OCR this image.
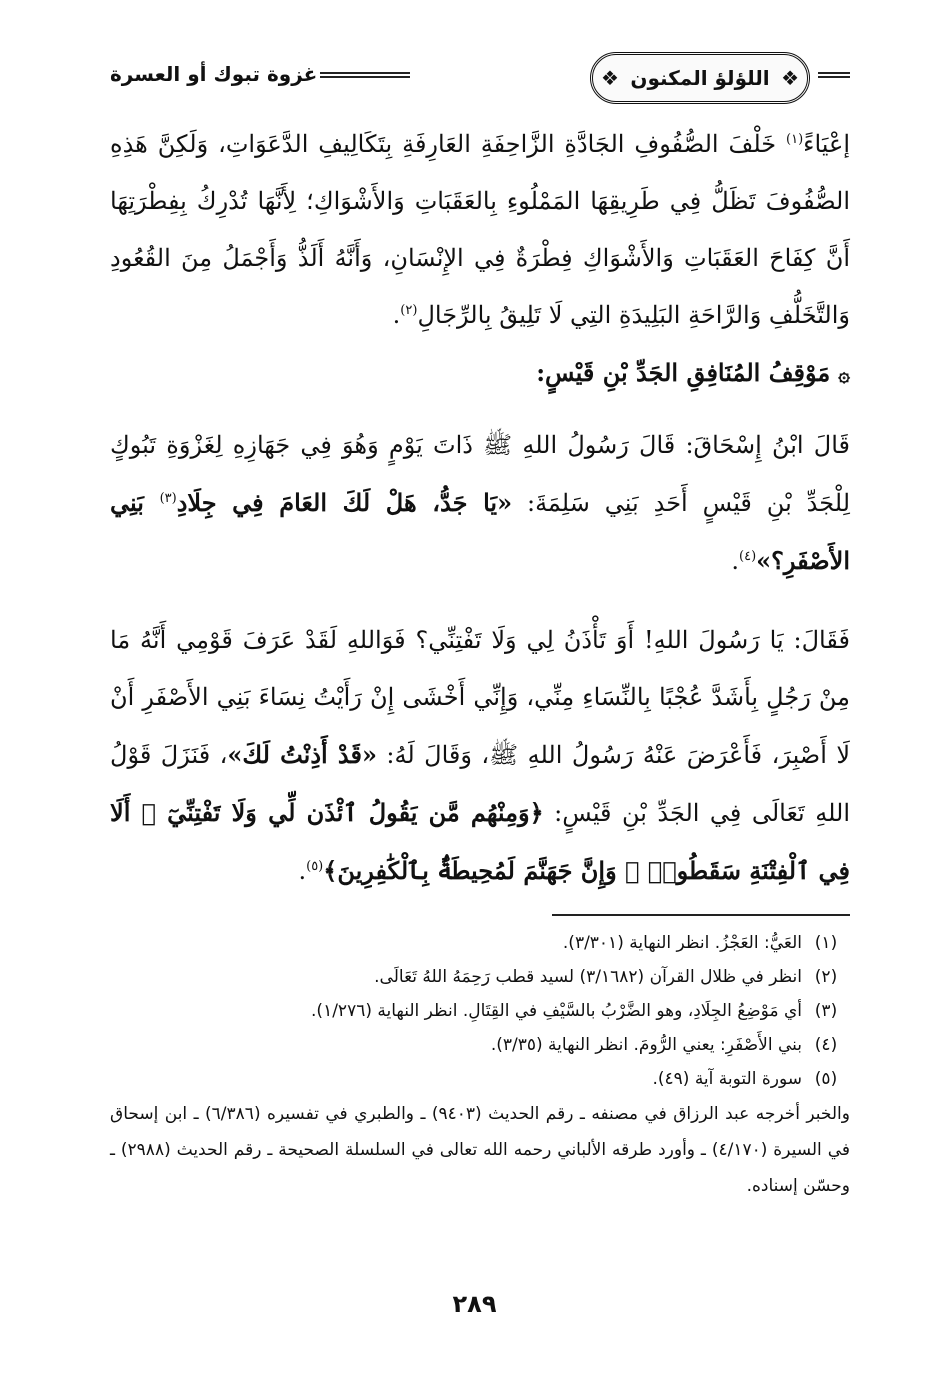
❖
اللؤلؤ المكنون
❖
غزوة تبوك أو العسرة

إعْيَاءً$^{(١)}$ خَلْفَ الصُّفُوفِ الجَادَّةِ الزَّاحِفَةِ العَارِفَةِ بِتَكَالِيفِ الدَّعَوَاتِ، وَلَكِنَّ هَذِهِ الصُّفُوفَ تَظَلُّ فِي طَرِيقِهَا المَمْلُوءِ بِالعَقَبَاتِ وَالأَشْوَاكِ؛ لِأَنَّهَا تُدْرِكُ بِفِطْرَتِهَا أَنَّ كِفَاحَ العَقَبَاتِ وَالأَشْوَاكِ فِطْرَةٌ فِي الإِنْسَانِ، وَأَنَّهُ أَلَذُّ وَأَجْمَلُ مِنَ القُعُودِ وَالتَّخَلُّفِ وَالرَّاحَةِ البَلِيدَةِ التِي لَا تَلِيقُ بِالرِّجَالِ$^{(٢)}$.

۞مَوْقِفُ المُنَافِقِ الجَدِّ بْنِ قَيْسٍ:

قَالَ ابْنُ إِسْحَاقَ: قَالَ رَسُولُ اللهِ ﷺ ذَاتَ يَوْمٍ وَهُوَ فِي جَهَازِهِ لِغَزْوَةِ تَبُوكٍ لِلْجَدِّ بْنِ قَيْسٍ أَحَدِ بَنِي سَلِمَةَ: «يَا جَدُّ، هَلْ لَكَ العَامَ فِي جِلَادِ$^{(٣)}$ بَنِي الأَصْفَرِ؟»$^{(٤)}$.

فَقَالَ: يَا رَسُولَ اللهِ! أَوَ تَأْذَنُ لِي وَلَا تَفْتِنِّي؟ فَوَاللهِ لَقَدْ عَرَفَ قَوْمِي أَنَّهُ مَا مِنْ رَجُلٍ بِأَشَدَّ عُجْبًا بِالنِّسَاءِ مِنِّي، وَإِنِّي أَخْشَى إِنْ رَأَيْتُ نِسَاءَ بَنِي الأَصْفَرِ أَنْ لَا أَصْبِرَ، فَأَعْرَضَ عَنْهُ رَسُولُ اللهِ ﷺ، وَقَالَ لَهُ: «قَدْ أَذِنْتُ لَكَ»، فَنَزَلَ قَوْلُ اللهِ تَعَالَى فِي الجَدِّ بْنِ قَيْسٍ: ﴿وَمِنْهُم مَّن يَقُولُ ٱئْذَن لِّي وَلَا تَفْتِنِّيٓ ۚ أَلَا فِي ٱلْفِتْنَةِ سَقَطُوا۟ ۗ وَإِنَّ جَهَنَّمَ لَمُحِيطَةٌۢ بِٱلْكَٰفِرِينَ﴾$^{(٥)}$.

(١)
العَيُّ: العَجْزُ. انظر النهاية (٣/٣٠١).
(٢)
انظر في ظلال القرآن (٣/١٦٨٢) لسيد قطب رَحِمَهُ اللهُ تَعَالَى.
(٣)
أي مَوْضِعُ الجِلَادِ، وهو الضَّرْبُ بالسَّيْفِ في القِتَالِ. انظر النهاية (١/٢٧٦).
(٤)
بني الأَصْفَرِ: يعني الرُّومَ. انظر النهاية (٣/٣٥).
(٥)
سورة التوبة آية (٤٩).

والخبر أخرجه عبد الرزاق في مصنفه ـ رقم الحديث (٩٤٠٣) ـ والطبري في تفسيره (٦/٣٨٦) ـ ابن إسحاق في السيرة (٤/١٧٠) ـ وأورد طرقه الألباني رحمه الله تعالى في السلسلة الصحيحة ـ رقم الحديث (٢٩٨٨) ـ وحسّن إسناده.

٢٨٩
